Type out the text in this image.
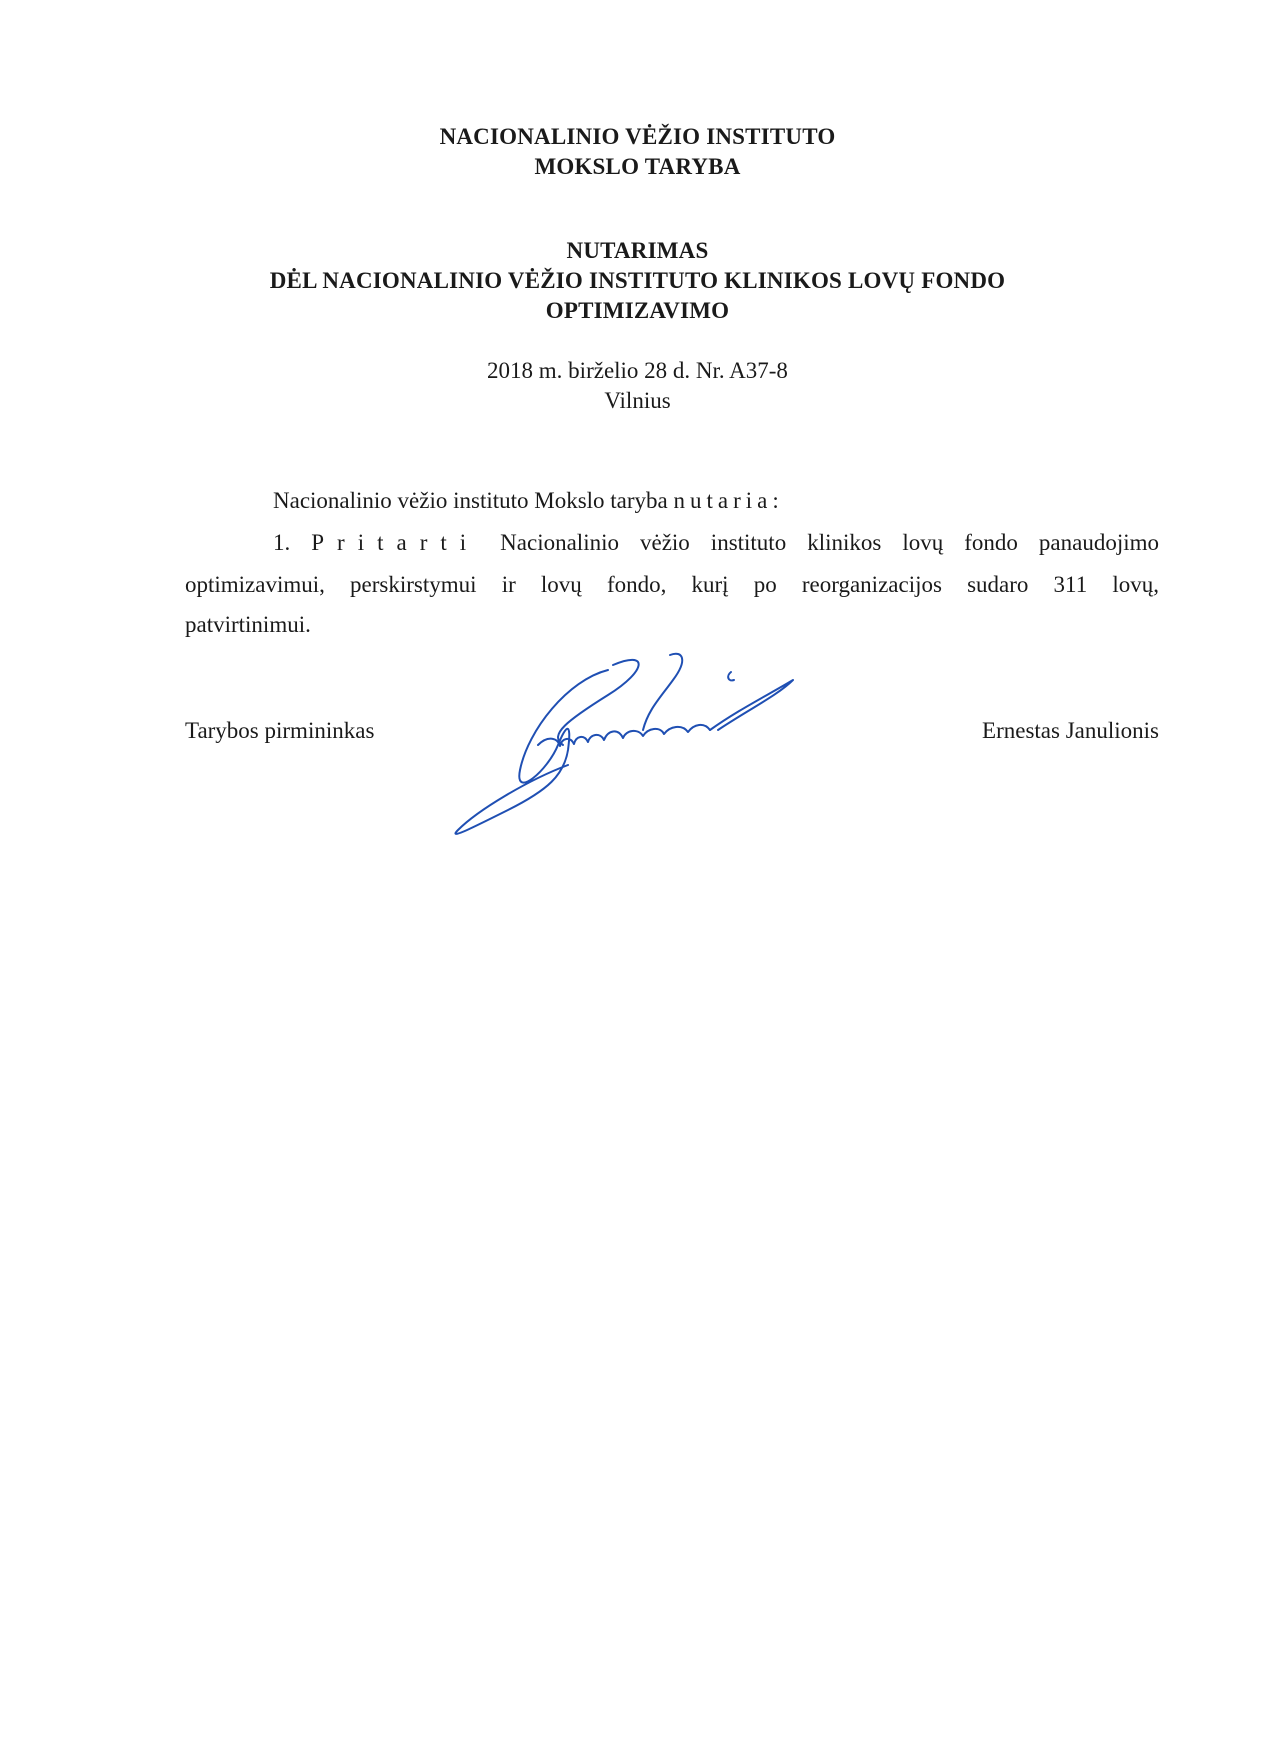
NACIONALINIO VĖŽIO INSTITUTO
MOKSLO TARYBA
NUTARIMAS
DĖL NACIONALINIO VĖŽIO INSTITUTO KLINIKOS LOVŲ FONDO
OPTIMIZAVIMO
2018 m. birželio 28 d. Nr. A37-8
Vilnius
Nacionalinio vėžio instituto Mokslo taryba nutaria:
1. Pritarti Nacionalinio vėžio instituto klinikos lovų fondo panaudojimo
optimizavimui, perskirstymui ir lovų fondo, kurį po reorganizacijos sudaro 311 lovų,
patvirtinimui.
Tarybos pirmininkas	Ernestas Janulionis
